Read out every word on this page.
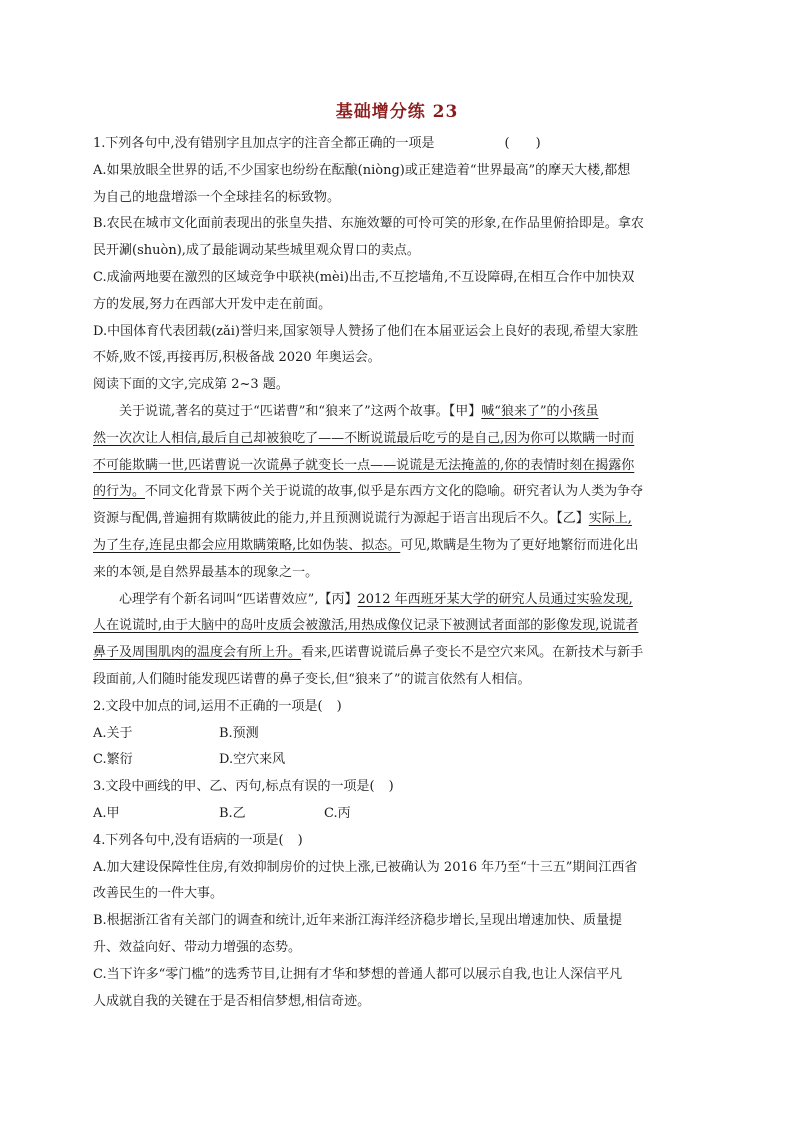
基础增分练 23

1.下列各句中,没有错别字且加点字的注音全都正确的一项是	(　　)

A.如果放眼全世界的话,不少国家也纷纷在酝酿(niòng)或正建造着“世界最高”的摩天大楼,都想

为自己的地盘增添一个全球挂名的标致物。

B.农民在城市文化面前表现出的张皇失措、东施效颦的可怜可笑的形象,在作品里俯拾即是。拿农

民开涮(shuòn),成了最能调动某些城里观众胃口的卖点。

C.成渝两地要在激烈的区域竞争中联袂(mèi)出击,不互挖墙角,不互设障碍,在相互合作中加快双

方的发展,努力在西部大开发中走在前面。

D.中国体育代表团载(zǎi)誉归来,国家领导人赞扬了他们在本届亚运会上良好的表现,希望大家胜

不娇,败不馁,再接再厉,积极备战 2020 年奥运会。

阅读下面的文字,完成第 2~3 题。

关于说谎,著名的莫过于“匹诺曹”和“狼来了”这两个故事。【甲】喊“狼来了”的小孩虽

然一次次让人相信,最后自己却被狼吃了——不断说谎最后吃亏的是自己,因为你可以欺瞒一时而

不可能欺瞒一世,匹诺曹说一次谎鼻子就变长一点——说谎是无法掩盖的,你的表情时刻在揭露你

的行为。不同文化背景下两个关于说谎的故事,似乎是东西方文化的隐喻。研究者认为人类为争夺

资源与配偶,普遍拥有欺瞒彼此的能力,并且预测说谎行为源起于语言出现后不久。【乙】实际上,

为了生存,连昆虫都会应用欺瞒策略,比如伪装、拟态。可见,欺瞒是生物为了更好地繁衍而进化出

来的本领,是自然界最基本的现象之一。

心理学有个新名词叫“匹诺曹效应”,【丙】2012 年西班牙某大学的研究人员通过实验发现,

人在说谎时,由于大脑中的岛叶皮质会被激活,用热成像仪记录下被测试者面部的影像发现,说谎者

鼻子及周围肌肉的温度会有所上升。看来,匹诺曹说谎后鼻子变长不是空穴来风。在新技术与新手

段面前,人们随时能发现匹诺曹的鼻子变长,但“狼来了”的谎言依然有人相信。

2.文段中加点的词,运用不正确的一项是( )

A.关于	B.预测

C.繁衍	D.空穴来风

3.文段中画线的甲、乙、丙句,标点有误的一项是( )

A.甲	B.乙	C.丙

4.下列各句中,没有语病的一项是( )

A.加大建设保障性住房,有效抑制房价的过快上涨,已被确认为 2016 年乃至“十三五”期间江西省

改善民生的一件大事。

B.根据浙江省有关部门的调查和统计,近年来浙江海洋经济稳步增长,呈现出增速加快、质量提

升、效益向好、带动力增强的态势。

C.当下许多“零门槛”的选秀节目,让拥有才华和梦想的普通人都可以展示自我,也让人深信平凡

人成就自我的关键在于是否相信梦想,相信奇迹。
